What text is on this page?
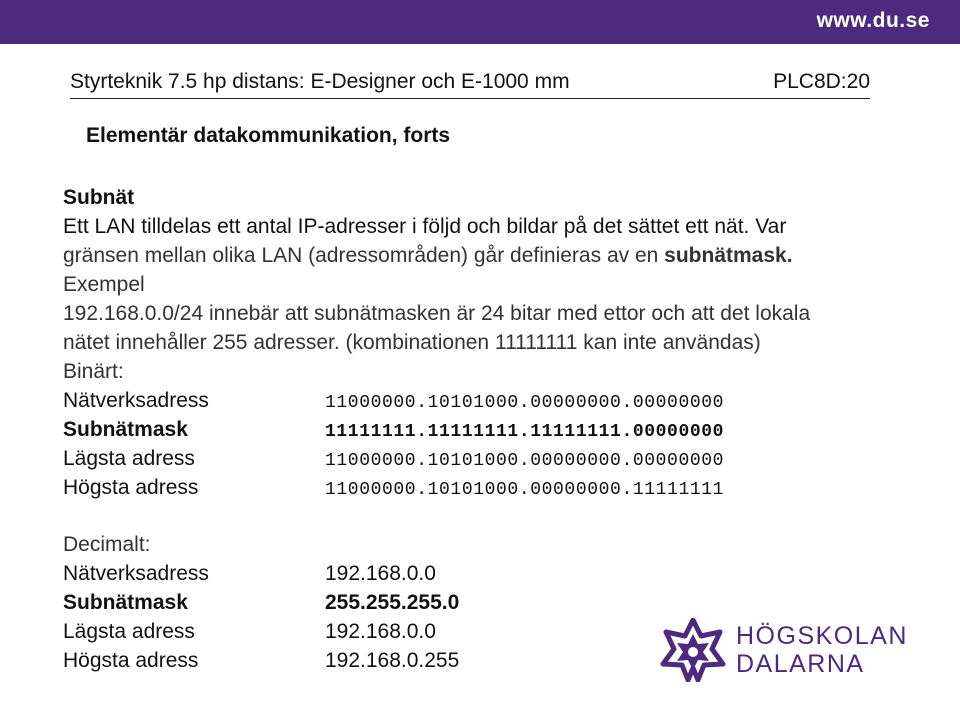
www.du.se
Styrteknik 7.5 hp distans: E-Designer och E-1000 mm	PLC8D:20
Elementär datakommunikation, forts
Subnät

Ett LAN tilldelas ett antal IP-adresser i följd och bildar på det sättet ett nät. Var

gränsen mellan olika LAN (adressområden) går definieras av en subnätmask.

Exempel

192.168.0.0/24 innebär att subnätmasken är 24 bitar med ettor och att det lokala

nätet innehåller 255 adresser. (kombinationen 11111111 kan inte användas)

Binärt:
Nätverksadress	11000000.10101000.00000000.00000000
Subnätmask	11111111.11111111.11111111.00000000
Lägsta adress	11000000.10101000.00000000.00000000
Högsta adress	11000000.10101000.00000000.11111111
Decimalt:
Nätverksadress	192.168.0.0
Subnätmask	255.255.255.0
Lägsta adress	192.168.0.0
Högsta adress	192.168.0.255
HÖGSKOLAN
DALARNA
